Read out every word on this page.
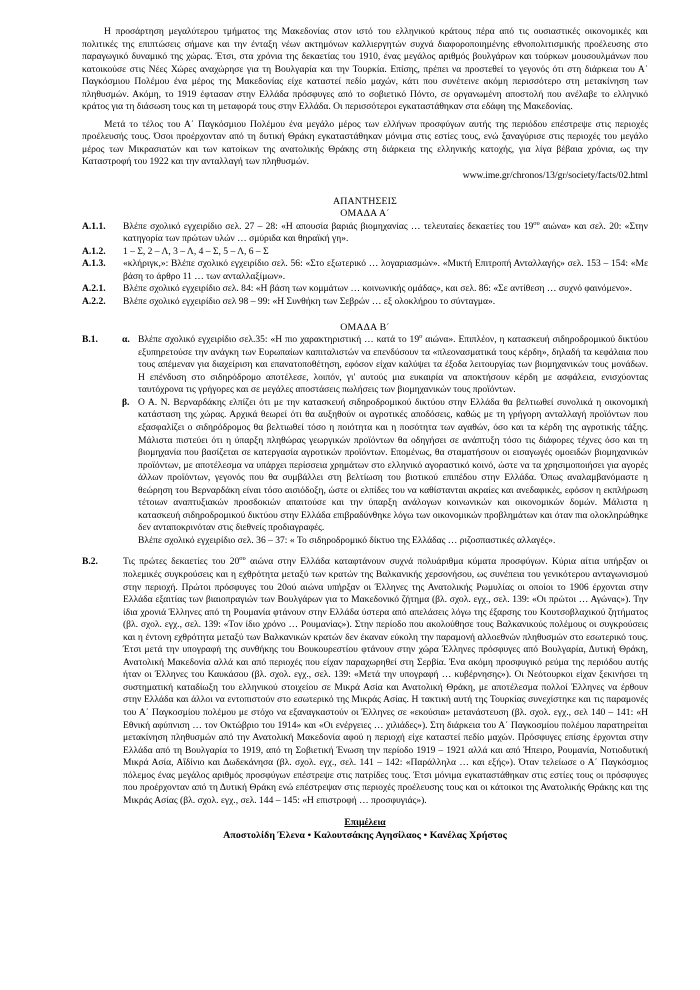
Η προσάρτηση μεγαλύτερου τμήματος της Μακεδονίας στον ιστό του ελληνικού κράτους πέρα από τις ουσιαστικές οικονομικές και πολιτικές της επιπτώσεις σήμανε και την ένταξη νέων ακτημόνων καλλιεργητών συχνά διαφοροποιημένης εθνοπολιτισμικής προέλευσης στο παραγωγικό δυναμικό της χώρας. Έτσι, στα χρόνια της δεκαετίας του 1910, ένας μεγάλος αριθμός βουλγάρων και τούρκων μουσουλμάνων που κατοικούσε στις Νέες Χώρες αναχώρησε για τη Βουλγαρία και την Τουρκία. Επίσης, πρέπει να προστεθεί το γεγονός ότι στη διάρκεια του Α΄ Παγκόσμιου Πολέμου ένα μέρος της Μακεδονίας είχε καταστεί πεδίο μαχών, κάτι που συνέτεινε ακόμη περισσότερο στη μετακίνηση των πληθυσμών. Ακόμη, το 1919 έφτασαν στην Ελλάδα πρόσφυγες από το σοβιετικό Πόντο, σε οργανωμένη αποστολή που ανέλαβε το ελληνικό κράτος για τη διάσωση τους και τη μεταφορά τους στην Ελλάδα. Οι περισσότεροι εγκαταστάθηκαν στα εδάφη της Μακεδονίας.

Μετά το τέλος του Α΄ Παγκόσμιου Πολέμου ένα μεγάλο μέρος των ελλήνων προσφύγων αυτής της περιόδου επέστρεψε στις περιοχές προέλευσής τους. Όσοι προέρχονταν από τη δυτική Θράκη εγκαταστάθηκαν μόνιμα στις εστίες τους, ενώ ξαναγύρισε στις περιοχές του μεγάλο μέρος των Μικρασιατών και των κατοίκων της ανατολικής Θράκης στη διάρκεια της ελληνικής κατοχής, για λίγα βέβαια χρόνια, ως την Καταστροφή του 1922 και την ανταλλαγή των πληθυσμών.

www.ime.gr/chronos/13/gr/society/facts/02.html

ΑΠΑΝΤΗΣΕΙΣ

ΟΜΑΔΑ Α΄

Α.1.1.	Βλέπε σχολικό εγχειρίδιο σελ. 27 – 28: «Η απουσία βαριάς βιομηχανίας … τελευταίες δεκαετίες του $19^{o\upsilon}$ αιώνα» και σελ. 20: «Στην κατηγορία των πρώτων υλών … σμύριδα και θηραϊκή γη».
Α.1.2.	1 – Σ, 2 – Λ, 3 – Λ, 4 – Σ, 5 – Λ, 6 – Σ
Α.1.3.	«κλήριγκ,»: Βλέπε σχολικό εγχειρίδιο σελ. 56: «Στο εξωτερικό … λογαριασμών». «Μικτή Επιτροπή Ανταλλαγής» σελ. 153 – 154: «Με βάση το άρθρο 11 … των ανταλλαξίμων».
Α.2.1.	Βλέπε σχολικό εγχειρίδιο σελ. 84: «Η βάση των κομμάτων … κοινωνικής ομάδας», και σελ. 86: «Σε αντίθεση … συχνό φαινόμενο».
Α.2.2.	Βλέπε σχολικό εγχειρίδιο σελ 98 – 99: «Η Συνθήκη των Σεβρών … εξ ολοκλήρου το σύνταγμα».

ΟΜΑΔΑ Β΄

Β.1.	α. Βλέπε σχολικό εγχειρίδιο σελ.35: «Η πιο χαρακτηριστική … κατά το $19^o$ αιώνα». Επιπλέον, η κατασκευή σιδηροδρομικού δικτύου εξυπηρετούσε την ανάγκη των Ευρωπαίων καπιταλιστών να επενδύσουν τα «πλεονασματικά τους κέρδη», δηλαδή τα κεφάλαια που τους απέμεναν για διαχείριση και επανατοποθέτηση, εφόσον είχαν καλύψει τα έξοδα λειτουργίας των βιομηχανικών τους μονάδων. Η επένδυση στο σιδηρόδρομο αποτέλεσε, λοιπόν, γι' αυτούς μια ευκαιρία να αποκτήσουν κέρδη με ασφάλεια, ενισχύοντας ταυτόχρονα τις γρήγορες και σε μεγάλες αποστάσεις πωλήσεις των βιομηχανικών τους προϊόντων.
β. Ο Α. Ν. Βερναρδάκης ελπίζει ότι με την κατασκευή σιδηροδρομικού δικτύου στην Ελλάδα θα βελτιωθεί συνολικά η οικονομική κατάσταση της χώρας. Αρχικά θεωρεί ότι θα αυξηθούν οι αγροτικές αποδόσεις, καθώς με τη γρήγορη ανταλλαγή προϊόντων που εξασφαλίζει ο σιδηρόδρομος θα βελτιωθεί τόσο η ποιότητα και η ποσότητα των αγαθών, όσο και τα κέρδη της αγροτικής τάξης. Μάλιστα πιστεύει ότι η ύπαρξη πληθώρας γεωργικών προϊόντων θα οδηγήσει σε ανάπτυξη τόσο τις διάφορες τέχνες όσο και τη βιομηχανία που βασίζεται σε κατεργασία αγροτικών προϊόντων. Επομένως, θα σταματήσουν οι εισαγωγές ομοειδών βιομηχανικών προϊόντων, με αποτέλεσμα να υπάρχει περίσσεια χρημάτων στο ελληνικό αγοραστικό κοινό, ώστε να τα χρησιμοποιήσει για αγορές άλλων προϊόντων, γεγονός που θα συμβάλλει στη βελτίωση του βιοτικού επιπέδου στην Ελλάδα. Όπως αναλαμβανόμαστε η θεώρηση του Βερναρδάκη είναι τόσο αισιόδοξη, ώστε οι ελπίδες του να καθίστανται ακραίες και ανεδαφικές, εφόσον η εκπλήρωση τέτοιων αναπτυξιακών προσδοκιών απαιτούσε και την ύπαρξη ανάλογων κοινωνικών και οικονομικών δομών. Μάλιστα η κατασκευή σιδηροδρομικού δικτύου στην Ελλάδα επιβραδύνθηκε λόγω των οικονομικών προβλημάτων και όταν πια ολοκληρώθηκε δεν ανταποκρινόταν στις διεθνείς προδιαγραφές.
Βλέπε σχολικό εγχειρίδιο σελ. 36 – 37: « Το σιδηροδρομικό δίκτυο της Ελλάδας … ριζοσπαστικές αλλαγές».
Β.2.	Τις πρώτες δεκαετίες του $20^{o\upsilon}$ αιώνα στην Ελλάδα καταφτάνουν συχνά πολυάριθμα κύματα προσφύγων. Κύρια αίτια υπήρξαν οι πολεμικές συγκρούσεις και η εχθρότητα μεταξύ των κρατών της Βαλκανικής χερσονήσου, ως συνέπεια του γενικότερου ανταγωνισμού στην περιοχή. Πρώτοι πρόσφυγες του 20ού αιώνα υπήρξαν οι Έλληνες της Ανατολικής Ρωμυλίας οι οποίοι το 1906 έρχονται στην Ελλάδα εξαιτίας των βιαιοπραγιών των Βουλγάρων για το Μακεδονικό ζήτημα (βλ. σχολ. εγχ., σελ. 139: «Οι πρώτοι … Αγώνας»). Την ίδια χρονιά Έλληνες από τη Ρουμανία φτάνουν στην Ελλάδα ύστερα από απελάσεις λόγω της έξαρσης του Κουτσοβλαχικού ζητήματος (βλ. σχολ. εγχ., σελ. 139: «Τον ίδιο χρόνο … Ρουμανίας»). Στην περίοδο που ακολούθησε τους Βαλκανικούς πολέμους οι συγκρούσεις και η έντονη εχθρότητα μεταξύ των Βαλκανικών κρατών δεν έκαναν εύκολη την παραμονή αλλοεθνών πληθυσμών στο εσωτερικό τους. Έτσι μετά την υπογραφή της συνθήκης του Βουκουρεστίου φτάνουν στην χώρα Έλληνες πρόσφυγες από Βουλγαρία, Δυτική Θράκη, Ανατολική Μακεδονία αλλά και από περιοχές που είχαν παραχωρηθεί στη Σερβία. Ένα ακόμη προσφυγικό ρεύμα της περιόδου αυτής ήταν οι Έλληνες του Καυκάσου (βλ. σχολ. εγχ., σελ. 139: «Μετά την υπογραφή … κυβέρνησης»). Οι Νεότουρκοι είχαν ξεκινήσει τη συστηματική καταδίωξη του ελληνικού στοιχείου σε Μικρά Ασία και Ανατολική Θράκη, με αποτέλεσμα πολλοί Έλληνες να έρθουν στην Ελλάδα και άλλοι να εντοπιστούν στο εσωτερικό της Μικράς Ασίας. Η τακτική αυτή της Τουρκίας συνεχίστηκε και τις παραμονές του Α΄ Παγκοσμίου πολέμου με στόχο να εξαναγκαστούν οι Έλληνες σε «εκούσια» μετανάστευση (βλ. σχολ. εγχ., σελ 140 – 141: «Η Εθνική αφύπνιση … τον Οκτώβριο του 1914» και «Οι ενέργειες … χιλιάδες»). Στη διάρκεια του Α΄ Παγκοσμίου πολέμου παρατηρείται μετακίνηση πληθυσμών από την Ανατολική Μακεδονία αφού η περιοχή είχε καταστεί πεδίο μαχών. Πρόσφυγες επίσης έρχονται στην Ελλάδα από τη Βουλγαρία το 1919, από τη Σοβιετική Ένωση την περίοδο 1919 – 1921 αλλά και από Ήπειρο, Ρουμανία, Νοτιοδυτική Μικρά Ασία, Αΐδίνιο και Δωδεκάνησα (βλ. σχολ. εγχ., σελ. 141 – 142: «Παράλληλα … και εξής»). Όταν τελείωσε ο Α΄ Παγκόσμιος πόλεμος ένας μεγάλος αριθμός προσφύγων επέστρεψε στις πατρίδες τους. Έτσι μόνιμα εγκαταστάθηκαν στις εστίες τους οι πρόσφυγες που προέρχονταν από τη Δυτική Θράκη ενώ επέστρεψαν στις περιοχές προέλευσης τους και οι κάτοικοι της Ανατολικής Θράκης και της Μικράς Ασίας (βλ. σχολ. εγχ., σελ. 144 – 145: «Η επιστροφή … προσφυγιάς»).
Επιμέλεια
Αποστολίδη Έλενα • Καλουτσάκης Αγησίλαος • Κανέλας Χρήστος
